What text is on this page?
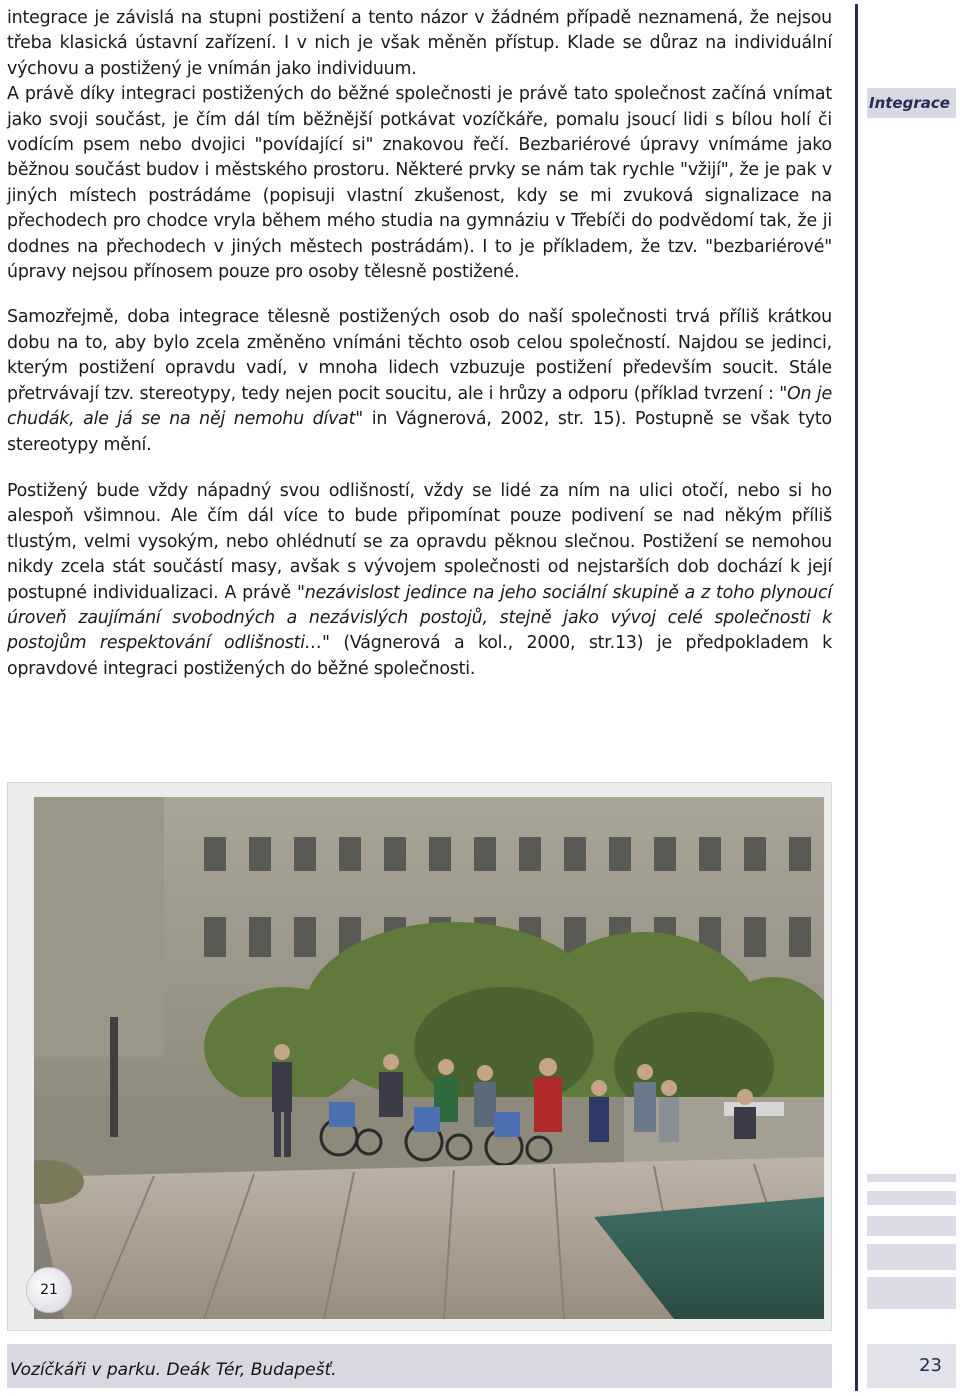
integrace je závislá na stupni postižení a tento názor v žádném případě neznamená, že nejsou třeba klasická ústavní zařízení. I v nich je však měněn přístup. Klade se důraz na individuální výchovu a postižený je vnímán jako individuum.

A právě díky integraci postižených do běžné společnosti je právě tato společnost začíná vnímat jako svoji součást, je čím dál tím běžnější potkávat vozíčkáře, pomalu jsoucí lidi s bílou holí či vodícím psem nebo dvojici "povídající si" znakovou řečí. Bezbariérové úpravy vnímáme jako běžnou součást budov i městského prostoru. Některé prvky se nám tak rychle "vžijí", že je pak v jiných místech postrádáme (popisuji vlastní zkušenost, kdy se mi zvuková signalizace na přechodech pro chodce vryla během mého studia na gymnáziu v Třebíči do podvědomí tak, že ji dodnes na přechodech v jiných městech postrádám). I to je příkladem, že tzv. "bezbariérové" úpravy nejsou přínosem pouze pro osoby tělesně postižené.

Samozřejmě, doba integrace tělesně postižených osob do naší společnosti trvá příliš krátkou dobu na to, aby bylo zcela změněno vnímáni těchto osob celou společností. Najdou se jedinci, kterým postižení opravdu vadí, v mnoha lidech vzbuzuje postižení především soucit. Stále přetrvávají tzv. stereotypy, tedy nejen pocit soucitu, ale i hrůzy a odporu (příklad tvrzení : "On je chudák, ale já se na něj nemohu dívat" in Vágnerová, 2002, str. 15). Postupně se však tyto stereotypy mění.

Postižený bude vždy nápadný svou odlišností, vždy se lidé za ním na ulici otočí, nebo si ho alespoň všimnou. Ale čím dál více to bude připomínat pouze podivení se nad někým příliš tlustým, velmi vysokým, nebo ohlédnutí se za opravdu pěknou slečnou. Postižení se nemohou nikdy zcela stát součástí masy, avšak s vývojem společnosti od nejstarších dob dochází k její postupné individualizaci. A právě "nezávislost jedince na jeho sociální skupině a z toho plynoucí úroveň zaujímání svobodných a nezávislých postojů, stejně jako vývoj celé společnosti k postojům respektování odlišnosti…" (Vágnerová a kol., 2000, str.13) je předpokladem k opravdové integraci postižených do běžné společnosti.

Integrace
21
Vozíčkáři v parku. Deák Tér, Budapešť.	23
